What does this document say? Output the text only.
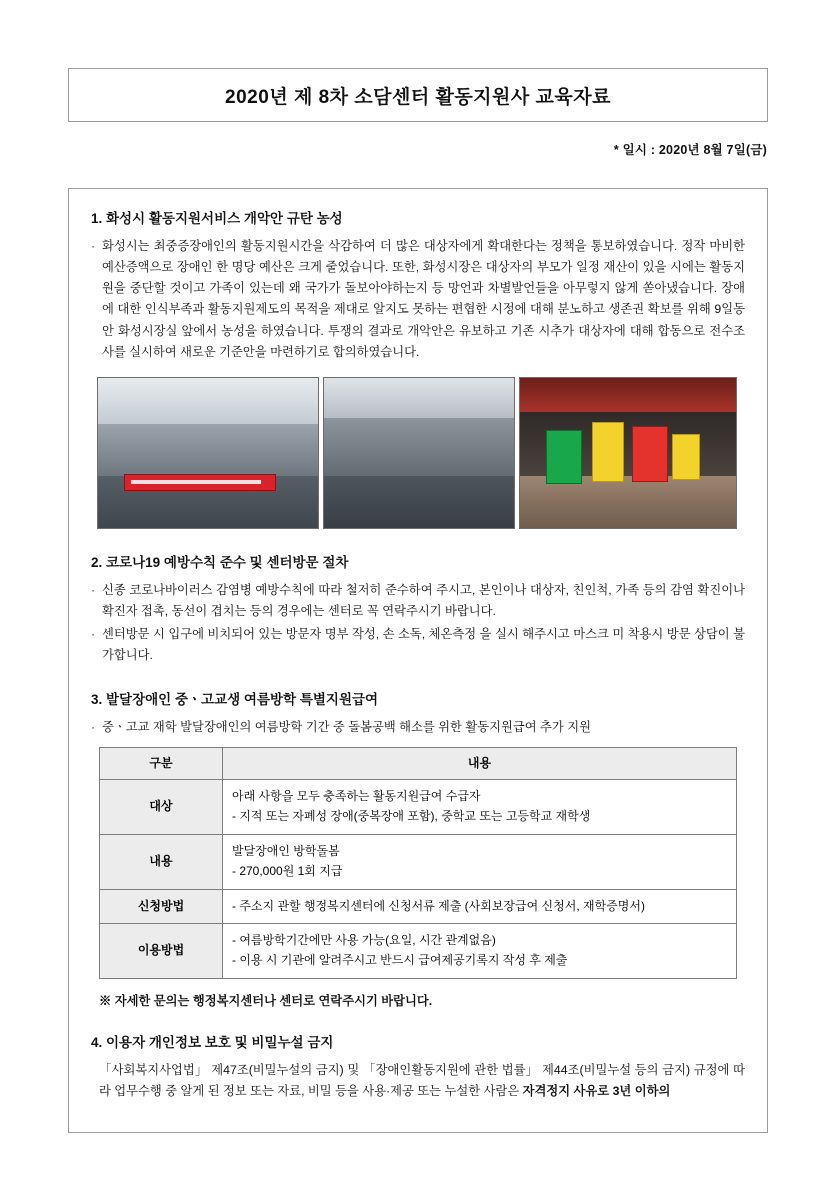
2020년 제 8차 소담센터 활동지원사 교육자료
* 일시 : 2020년 8월 7일(금)
1. 화성시 활동지원서비스 개악안 규탄 농성
· 화성시는 최중증장애인의 활동지원시간을 삭감하여 더 많은 대상자에게 확대한다는 정책을 통보하였습니다. 정작 마비한 예산증액으로 장애인 한 명당 예산은 크게 줄었습니다. 또한, 화성시장은 대상자의 부모가 일정 재산이 있을 시에는 활동지원을 중단할 것이고 가족이 있는데 왜 국가가 돌보아야하는지 등 망언과 차별발언들을 아무렇지 않게 쏟아냈습니다. 장애에 대한 인식부족과 활동지원제도의 목적을 제대로 알지도 못하는 편협한 시정에 대해 분노하고 생존권 확보를 위해 9일동안 화성시장실 앞에서 농성을 하였습니다. 투쟁의 결과로 개악안은 유보하고 기존 시추가 대상자에 대해 합동으로 전수조사를 실시하여 새로운 기준안을 마련하기로 합의하였습니다.
2. 코로나19 예방수칙 준수 및 센터방문 절차
· 신종 코로나바이러스 감염병 예방수칙에 따라 철저히 준수하여 주시고, 본인이나 대상자, 친인척, 가족 등의 감염 확진이나 확진자 접촉, 동선이 겹치는 등의 경우에는 센터로 꼭 연락주시기 바랍니다.
· 센터방문 시 입구에 비치되어 있는 방문자 명부 작성, 손 소독, 체온측정 을 실시 해주시고 마스크 미 착용시 방문 상담이 불가합니다.
3. 발달장애인 중ㆍ고교생 여름방학 특별지원급여
· 중ㆍ고교 재학 발달장애인의 여름방학 기간 중 돌봄공백 해소를 위한 활동지원급여 추가 지원
구분	내용
대상	아래 사항을 모두 충족하는 활동지원급여 수급자
- 지적 또는 자폐성 장애(중복장애 포함), 중학교 또는 고등학교 재학생

내용	발달장애인 방학돌봄
- 270,000원 1회 지급

신청방법	- 주소지 관할 행정복지센터에 신청서류 제출 (사회보장급여 신청서, 재학증명서)

이용방법	- 여름방학기간에만 사용 가능(요일, 시간 관계없음)
- 이용 시 기관에 알려주시고 반드시 급여제공기록지 작성 후 제출
※ 자세한 문의는 행정복지센터나 센터로 연락주시기 바랍니다.
4. 이용자 개인정보 보호 및 비밀누설 금지
「사회복지사업법」 제47조(비밀누설의 금지) 및 「장애인활동지원에 관한 법률」 제44조(비밀누설 등의 금지) 규정에 따라 업무수행 중 알게 된 정보 또는 자료, 비밀 등을 사용·제공 또는 누설한 사람은 자격정지 사유로 3년 이하의
